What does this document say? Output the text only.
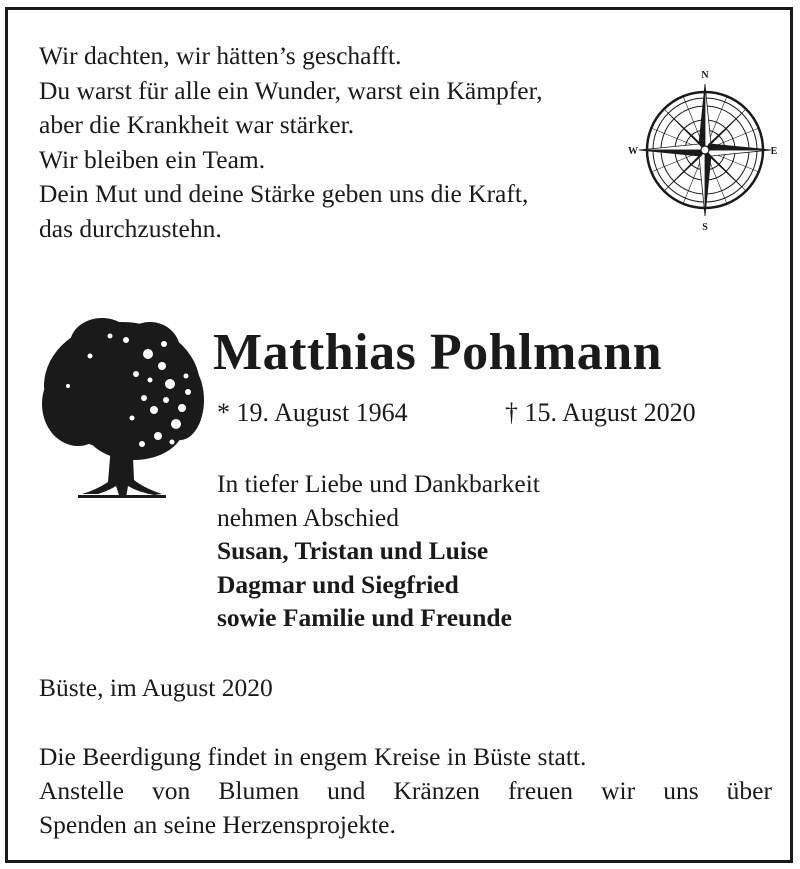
Wir dachten, wir hätten’s geschafft.
Du warst für alle ein Wunder, warst ein Kämpfer,
aber die Krankheit war stärker.
Wir bleiben ein Team.
Dein Mut und deine Stärke geben uns die Kraft,
das durchzustehn.
N
S
W	E
Matthias Pohlmann
* 19. August 1964	† 15. August 2020
In tiefer Liebe und Dankbarkeit
nehmen Abschied
Susan, Tristan und Luise
Dagmar und Siegfried
sowie Familie und Freunde
Büste, im August 2020
Die Beerdigung findet in engem Kreise in Büste statt.
Anstelle von Blumen und Kränzen freuen wir uns über
Spenden an seine Herzensprojekte.
